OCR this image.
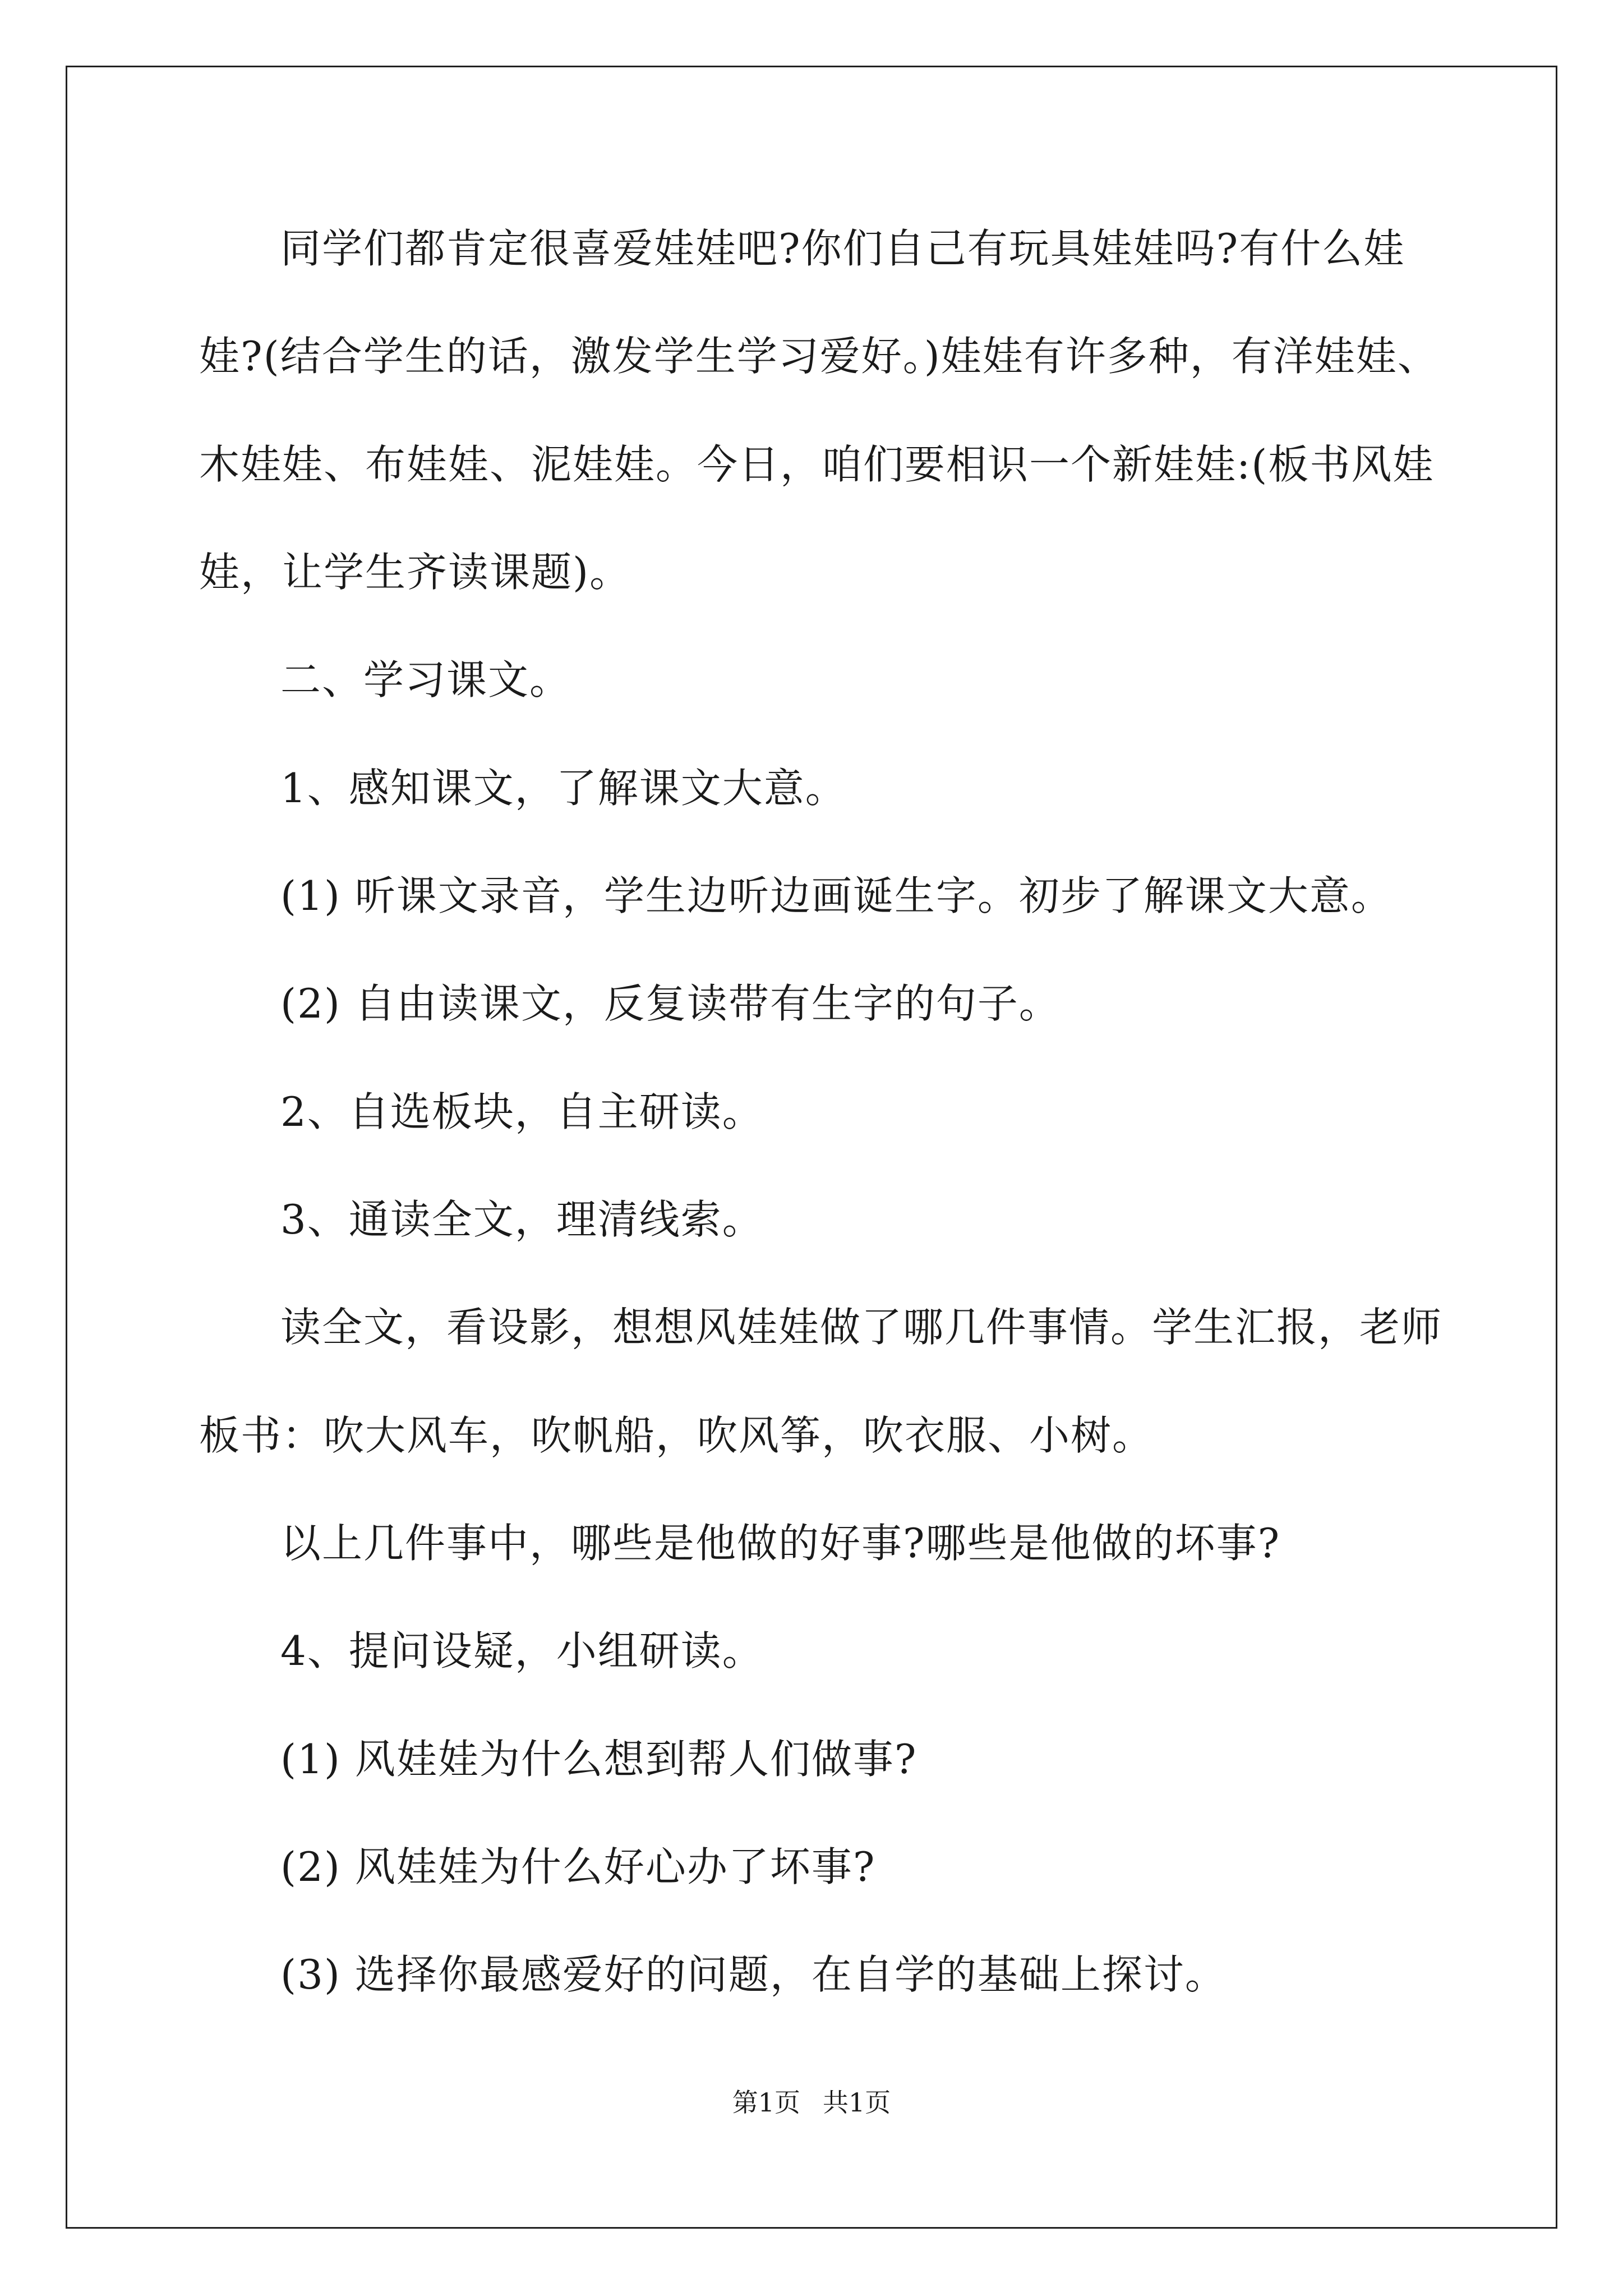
同学们都肯定很喜爱娃娃吧?你们自己有玩具娃娃吗?有什么娃
娃?(结合学生的话，激发学生学习爱好。)娃娃有许多种，有洋娃娃、
木娃娃、布娃娃、泥娃娃。今日，咱们要相识一个新娃娃:(板书风娃
娃，让学生齐读课题)。
二、学习课文。
1、感知课文，了解课文大意。
(1) 听课文录音，学生边听边画诞生字。初步了解课文大意。
(2) 自由读课文，反复读带有生字的句子。
2、自选板块，自主研读。
3、通读全文，理清线索。
读全文，看设影，想想风娃娃做了哪几件事情。学生汇报，老师
板书：吹大风车，吹帆船，吹风筝，吹衣服、小树。
以上几件事中，哪些是他做的好事?哪些是他做的坏事?
4、提问设疑，小组研读。
(1) 风娃娃为什么想到帮人们做事?
(2) 风娃娃为什么好心办了坏事?
(3) 选择你最感爱好的问题，在自学的基础上探讨。
第1页 共1页
